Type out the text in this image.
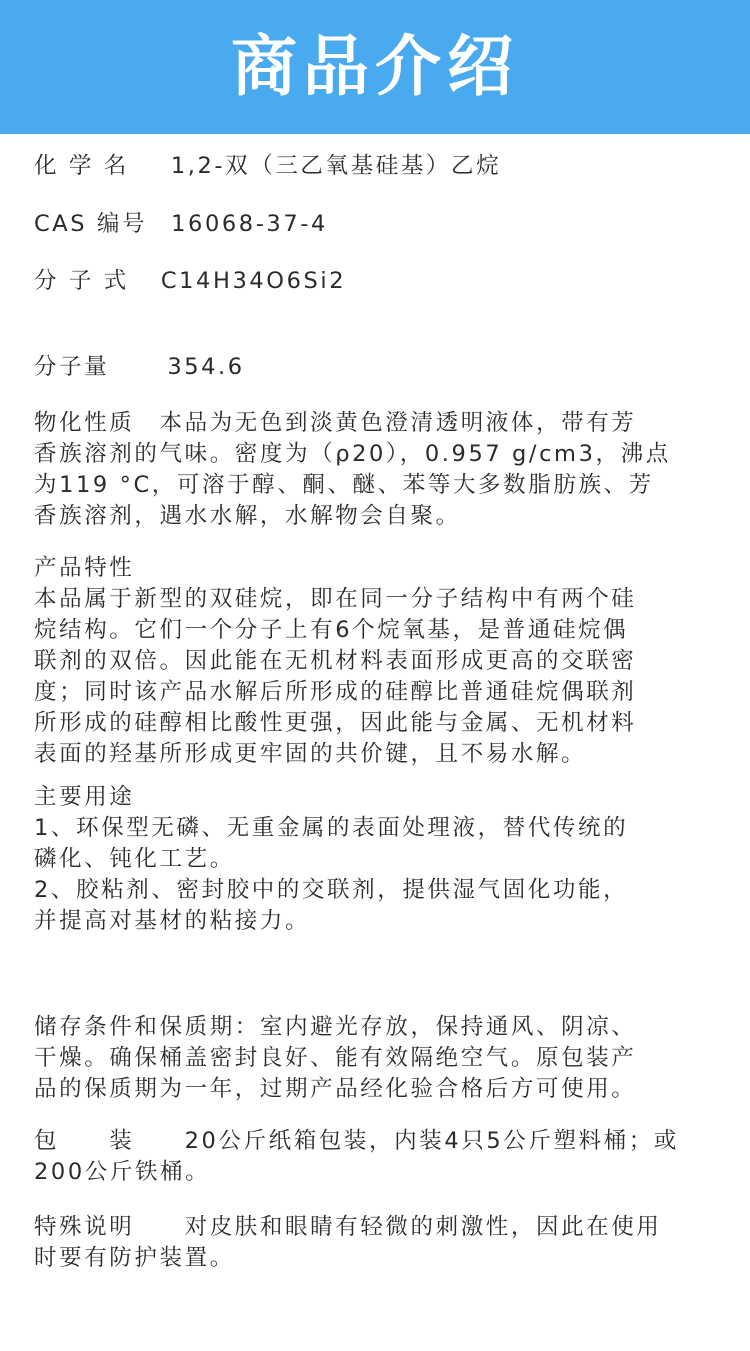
商品介绍
化 学 名 1,2-双（三乙氧基硅基）乙烷
CAS 编号 16068-37-4
分 子 式 C14H34O6Si2
分子量	354.6
物化性质　本品为无色到淡黄色澄清透明液体，带有芳
香族溶剂的气味。密度为（ρ20），0.957 g/cm3，沸点
为119 °C，可溶于醇、酮、醚、苯等大多数脂肪族、芳
香族溶剂，遇水水解，水解物会自聚。
产品特性
本品属于新型的双硅烷，即在同一分子结构中有两个硅
烷结构。它们一个分子上有6个烷氧基，是普通硅烷偶
联剂的双倍。因此能在无机材料表面形成更高的交联密
度；同时该产品水解后所形成的硅醇比普通硅烷偶联剂
所形成的硅醇相比酸性更强，因此能与金属、无机材料
表面的羟基所形成更牢固的共价键，且不易水解。
主要用途
1、环保型无磷、无重金属的表面处理液，替代传统的
磷化、钝化工艺。
2、胶粘剂、密封胶中的交联剂，提供湿气固化功能，
并提高对基材的粘接力。
储存条件和保质期：室内避光存放，保持通风、阴凉、
干燥。确保桶盖密封良好、能有效隔绝空气。原包装产
品的保质期为一年，过期产品经化验合格后方可使用。
包　　装　　20公斤纸箱包装，内装4只5公斤塑料桶；或
200公斤铁桶。
特殊说明　　对皮肤和眼睛有轻微的刺激性，因此在使用
时要有防护装置。
